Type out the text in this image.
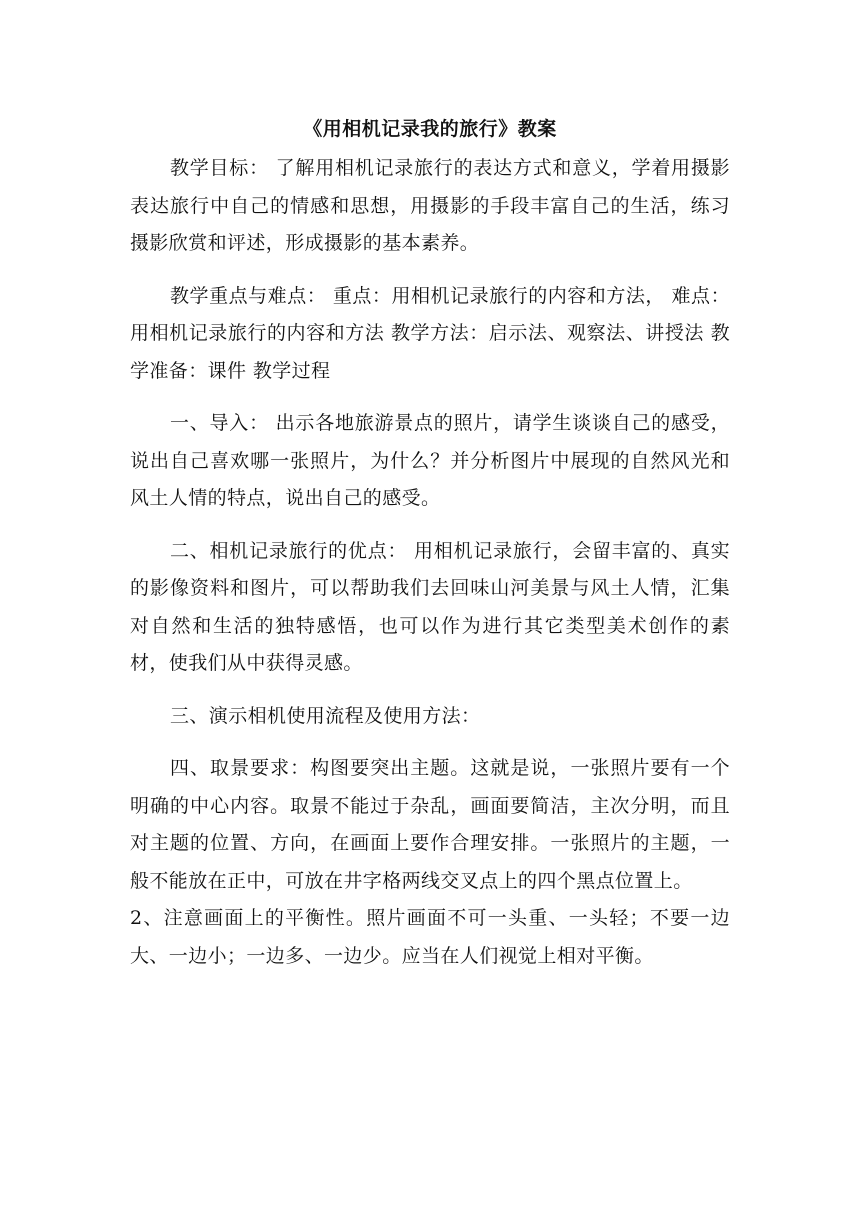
《用相机记录我的旅行》教案

教学目标： 了解用相机记录旅行的表达方式和意义，学着用摄影表达旅行中自己的情感和思想，用摄影的手段丰富自己的生活，练习摄影欣赏和评述，形成摄影的基本素养。

教学重点与难点： 重点：用相机记录旅行的内容和方法， 难点：用相机记录旅行的内容和方法 教学方法：启示法、观察法、讲授法 教学准备：课件 教学过程

一、导入： 出示各地旅游景点的照片，请学生谈谈自己的感受，说出自己喜欢哪一张照片，为什么？并分析图片中展现的自然风光和风土人情的特点，说出自己的感受。

二、相机记录旅行的优点： 用相机记录旅行，会留丰富的、真实的影像资料和图片，可以帮助我们去回味山河美景与风土人情，汇集对自然和生活的独特感悟，也可以作为进行其它类型美术创作的素材，使我们从中获得灵感。

三、演示相机使用流程及使用方法：

四、取景要求：构图要突出主题。这就是说，一张照片要有一个明确的中心内容。取景不能过于杂乱，画面要简洁，主次分明，而且对主题的位置、方向，在画面上要作合理安排。一张照片的主题，一般不能放在正中，可放在井字格两线交叉点上的四个黑点位置上。

2、注意画面上的平衡性。照片画面不可一头重、一头轻；不要一边大、一边小；一边多、一边少。应当在人们视觉上相对平衡。
